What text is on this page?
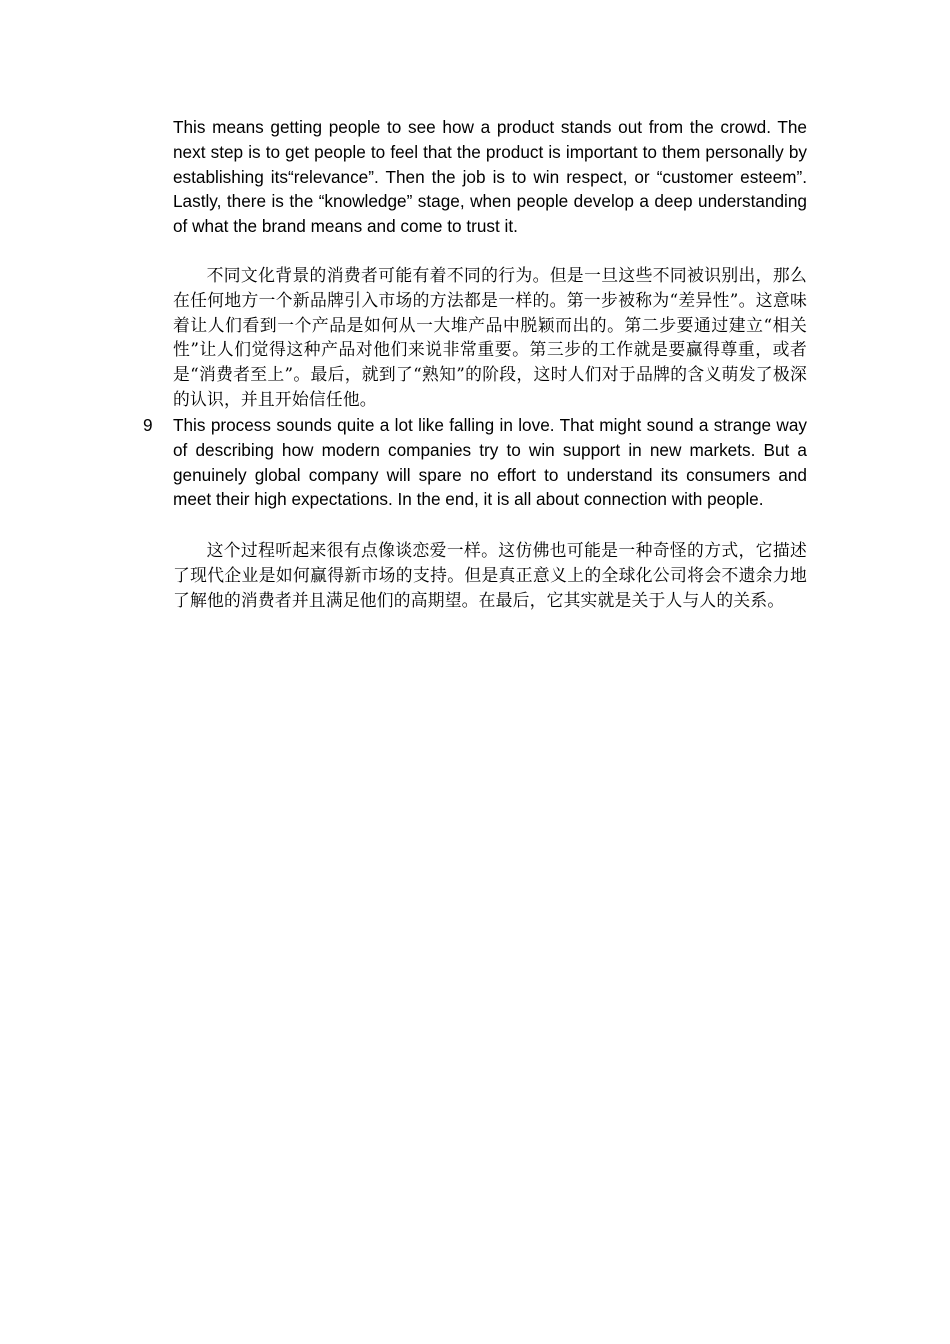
This means getting people to see how a product stands out from the crowd. The next step is to get people to feel that the product is important to them personally by establishing its“relevance”. Then the job is to win respect, or “customer esteem”. Lastly, there is the “knowledge” stage, when people develop a deep understanding of what the brand means and come to trust it.

不同文化背景的消费者可能有着不同的行为。但是一旦这些不同被识别出，那么在任何地方一个新品牌引入市场的方法都是一样的。第一步被称为“差异性”。这意味着让人们看到一个产品是如何从一大堆产品中脱颖而出的。第二步要通过建立“相关性”让人们觉得这种产品对他们来说非常重要。第三步的工作就是要赢得尊重，或者是“消费者至上”。最后，就到了“熟知”的阶段，这时人们对于品牌的含义萌发了极深的认识，并且开始信任他。

9 This process sounds quite a lot like falling in love. That might sound a strange way of describing how modern companies try to win support in new markets. But a genuinely global company will spare no effort to understand its consumers and meet their high expectations. In the end, it is all about connection with people.

这个过程听起来很有点像谈恋爱一样。这仿佛也可能是一种奇怪的方式，它描述了现代企业是如何赢得新市场的支持。但是真正意义上的全球化公司将会不遗余力地了解他的消费者并且满足他们的高期望。在最后，它其实就是关于人与人的关系。
